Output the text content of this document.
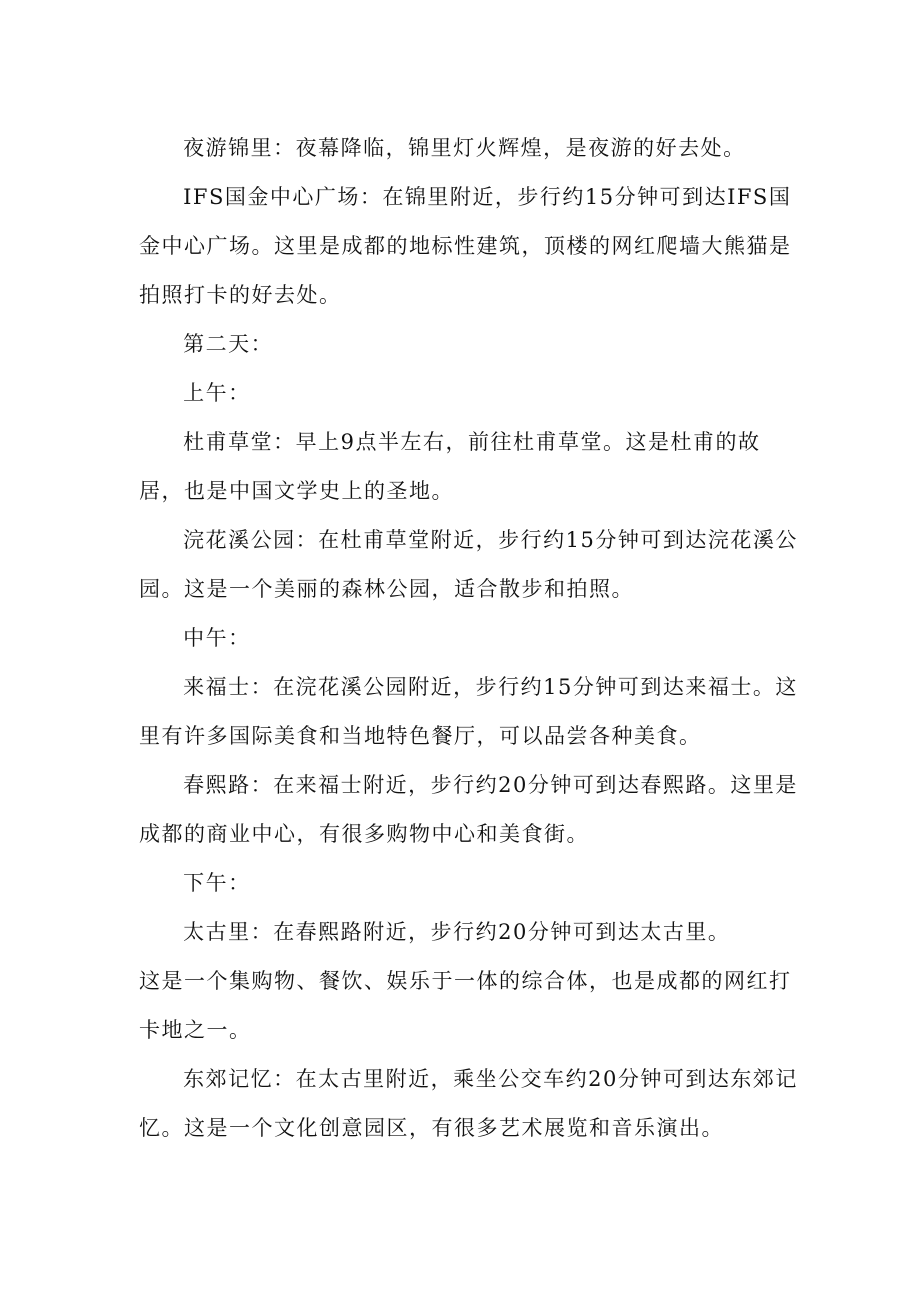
夜游锦里：夜幕降临，锦里灯火辉煌，是夜游的好去处。

IFS国金中心广场：在锦里附近，步行约15分钟可到达IFS国金中心广场。这里是成都的地标性建筑，顶楼的网红爬墙大熊猫是拍照打卡的好去处。

第二天：

上午：

杜甫草堂：早上9点半左右，前往杜甫草堂。这是杜甫的故居，也是中国文学史上的圣地。

浣花溪公园：在杜甫草堂附近，步行约15分钟可到达浣花溪公园。这是一个美丽的森林公园，适合散步和拍照。

中午：

来福士：在浣花溪公园附近，步行约15分钟可到达来福士。这里有许多国际美食和当地特色餐厅，可以品尝各种美食。

春熙路：在来福士附近，步行约20分钟可到达春熙路。这里是成都的商业中心，有很多购物中心和美食街。

下午：

太古里：在春熙路附近，步行约20分钟可到达太古里。

这是一个集购物、餐饮、娱乐于一体的综合体，也是成都的网红打卡地之一。

东郊记忆：在太古里附近，乘坐公交车约20分钟可到达东郊记忆。这是一个文化创意园区，有很多艺术展览和音乐演出。
